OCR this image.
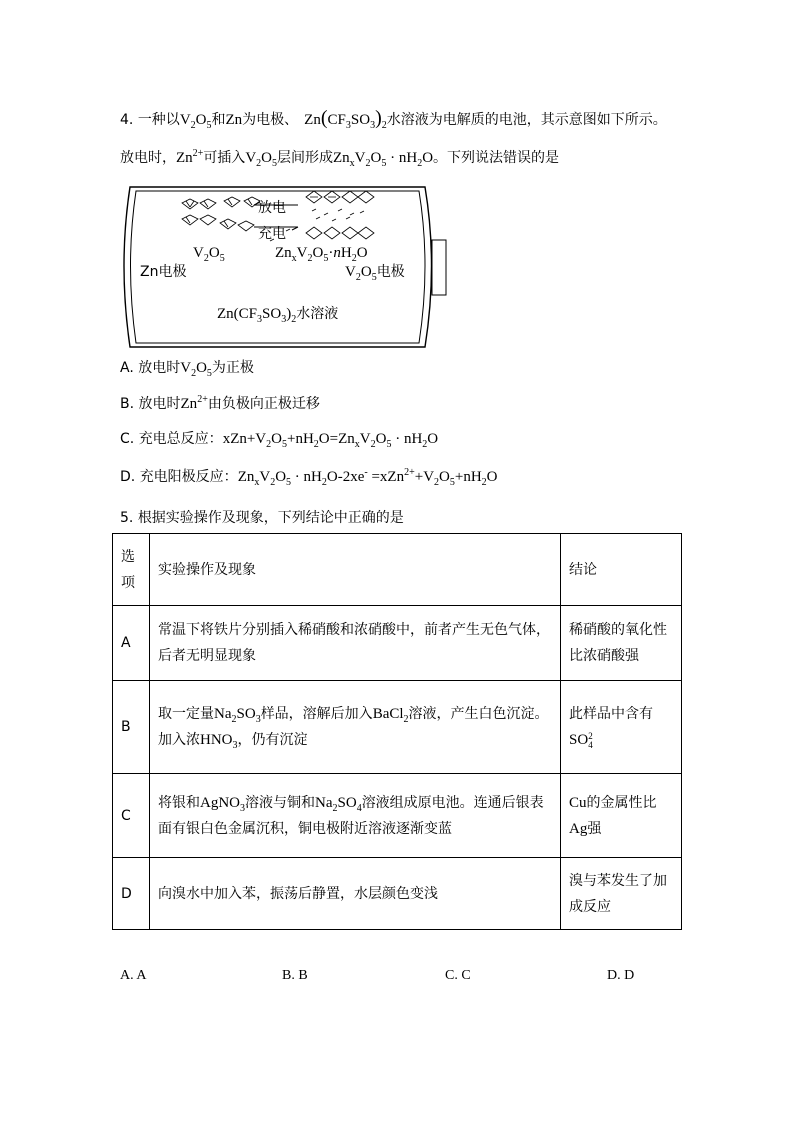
4. 一种以$V_2O_5$和Zn为电极、 $Zn(CF_3SO_3)_2$水溶液为电解质的电池，其示意图如下所示。
放电时，$Zn^{2+}$可插入$V_2O_5$层间形成$Zn_xV_2O_5 \cdot nH_2O$。下列说法错误的是
放电
充电
$V_2O_5$	$Zn_xV_2O_5\cdot nH_2O$
Zn电极	$V_2O_5$电极
$Zn(CF_3SO_3)_2$水溶液
A. 放电时$V_2O_5$为正极
B. 放电时$Zn^{2+}$由负极向正极迁移
C. 充电总反应：$xZn+V_2O_5+nH_2O=Zn_xV_2O_5 \cdot nH_2O$
D. 充电阳极反应：$Zn_xV_2O_5 \cdot nH_2O-2xe^- =xZn^{2+}+V_2O_5+nH_2O$
5. 根据实验操作及现象，下列结论中正确的是
选项	实验操作及现象	结论
A	常温下将铁片分别插入稀硝酸和浓硝酸中，前者产生无色气体，后者无明显现象	稀硝酸的氧化性比浓硝酸强
B	取一定量$Na_2SO_3$样品，溶解后加入BaCl$_2$溶液，产生白色沉淀。
加入浓$HNO_3$，仍有沉淀	此样品中含有
SO2
4
C	将银和AgNO$_3$溶液与铜和$Na_2SO_4$溶液组成原电池。连通后银表面有银白色金属沉积，铜电极附近溶液逐渐变蓝	Cu的金属性比
Ag强
D	向溴水中加入苯，振荡后静置，水层颜色变浅	溴与苯发生了加成反应
A. A	B. B	C. C	D. D
